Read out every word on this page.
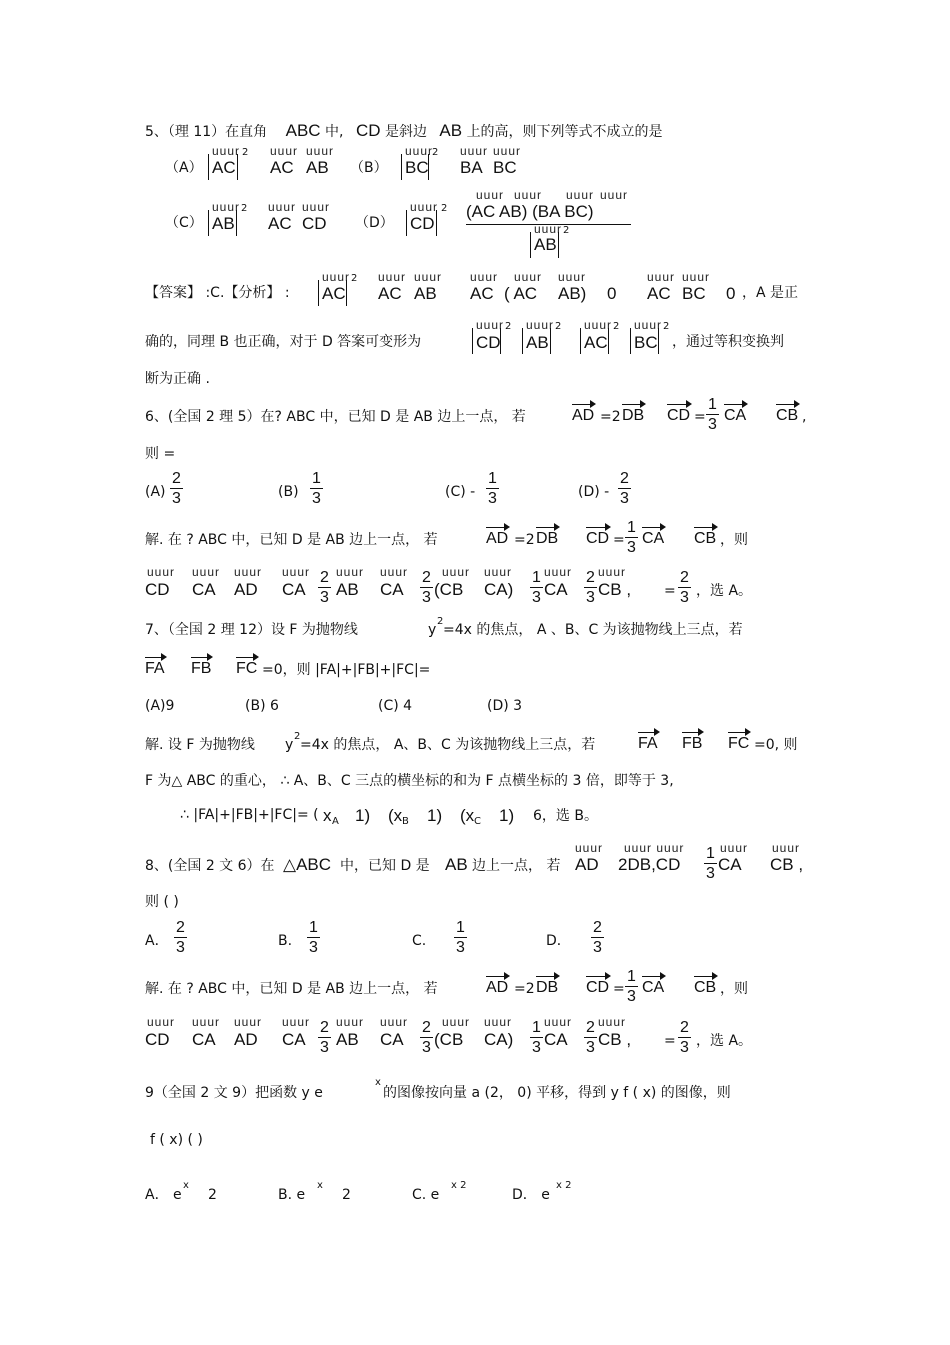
5、（理 11）在直角 ABC 中, CD 是斜边 AB 上的高，则下列等式不成立的是
（A）
uuur
AC
2 uuur
AC
uuur
AB （B）
uuur
BC
2 uuur
BA
uuur
BC
（C）
uuur
AB
2 uuur
AC
uuur
CD （D）
uuur
CD
2
uuur uuur uuur uuur
(AC AB) (BA BC)
uuur
AB
2
【答案】 :C.【分析】 :
uuur
AC
2 uuur
AC
uuur
AB
uuur
AC
uuur
( AC
uuur
AB) 0
uuur
AC
uuur
BC 0 ，A 是正
确的，同理 B 也正确，对于 D 答案可变形为
uuur
CD
2 uuur
AB
2 uuur
AC
2 uuur
BC
2
，通过等积变换判
断为正确 .
6、(全国 2 理 5）在? ABC 中，已知 D 是 AB 边上一点， 若	AD =2 DB CD = $\frac{1}{3}$ CA CB ,
则 =
$(A) \frac{2}{3}$	$(B) \frac{1}{3}$	$(C) - \frac{1}{3}$	$(D) - \frac{2}{3}$
解. 在 ? ABC 中，已知 D 是 AB 边上一点， 若	AD =2 DB CD = $\frac{1}{3}$ CA CB ，则
uuur
CD
uuur
CA
uuur
AD
uuur
CA $\frac{2}{3}$ uuur
AB
uuur
CA $\frac{2}{3}$ uuur
(CB
uuur
$CA) \frac{1}{3}$ uuur
CA $\frac{2}{3}$ uuur
CB , = $\frac{2}{3}$ ，选 A。
7、（全国 2 理 12）设 F 为抛物线	y
2
=4x 的焦点， A 、B、C 为该抛物线上三点，若
FA FB FC =0，则 |FA|+|FB|+|FC|=
(A)9	(B) 6	(C) 4	(D) 3
解. 设 F 为抛物线 y
2
=4x 的焦点， A、B、C 为该抛物线上三点，若	FA FB FC =0, 则
F 为△ ABC 的重心， ∴ A、B、C 三点的横坐标的和为 F 点横坐标的 3 倍，即等于 3,
∴ |FA|+|FB|+|FC|= ( x A 1) (x B 1) (x C 1) 6，选 B。
8、(全国 2 文 6）在 △ABC 中，已知 D 是 AB 边上一点， 若
uuur
AD
uuur uuur
$2DB,CD \frac{1}{3}$ uuur
CA
uuur
CB ,
则 ( )
A． $\frac{2}{3}$	B. $\frac{1}{3}$	C. $\frac{1}{3}$	D． $\frac{2}{3}$
解. 在 ? ABC 中，已知 D 是 AB 边上一点， 若	AD =2 DB CD = $\frac{1}{3}$ CA CB ，则
uuur
CD
uuur
CA
uuur
AD
uuur
CA $\frac{2}{3}$ uuur
AB
uuur
CA $\frac{2}{3}$ uuur
(CB
uuur
$CA) \frac{1}{3}$ uuur
CA $\frac{2}{3}$ uuur
CB , = $\frac{2}{3}$ ，选 A。
9（全国 2 文 9）把函数 y e
x
的图像按向量 a (2， 0) 平移，得到 y f ( x) 的图像，则
f ( x) ( )
A． e
x
2	B. e
x
2	C. e
x 2
D． e
x 2
